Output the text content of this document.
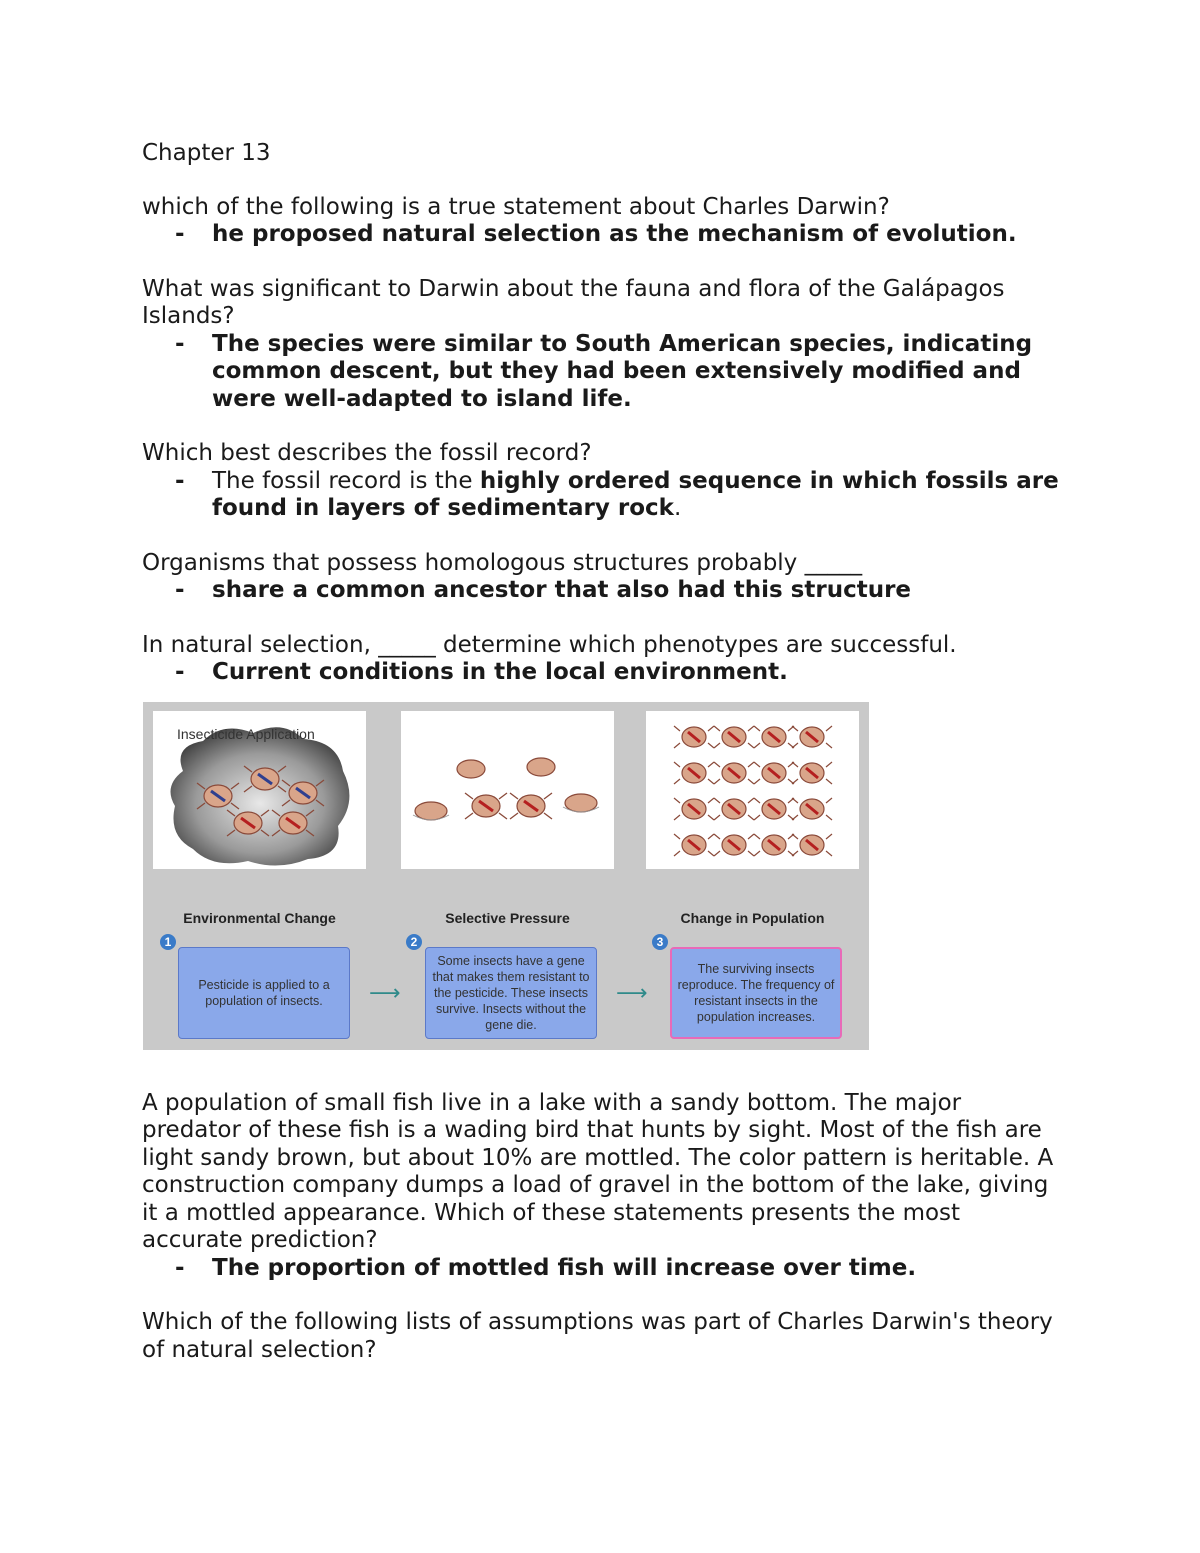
Chapter 13

which of the following is a true statement about Charles Darwin?

- he proposed natural selection as the mechanism of evolution.

What was significant to Darwin about the fauna and flora of the Galápagos Islands?

- The species were similar to South American species, indicating common descent, but they had been extensively modified and were well-adapted to island life.

Which best describes the fossil record?

- The fossil record is the highly ordered sequence in which fossils are found in layers of sedimentary rock.

Organisms that possess homologous structures probably _____

- share a common ancestor that also had this structure

In natural selection, _____ determine which phenotypes are successful.

- Current conditions in the local environment.

Insecticide Application
Environmental Change	Selective Pressure	Change in Population
1	2	3
Pesticide is applied to a population of insects.
Some insects have a gene that makes them resistant to the pesticide. These insects survive. Insects without the gene die.
The surviving insects reproduce. The frequency of resistant insects in the population increases.
⟶	⟶

A population of small fish live in a lake with a sandy bottom. The major predator of these fish is a wading bird that hunts by sight. Most of the fish are light sandy brown, but about 10% are mottled. The color pattern is heritable. A construction company dumps a load of gravel in the bottom of the lake, giving it a mottled appearance. Which of these statements presents the most accurate prediction?

- The proportion of mottled fish will increase over time.

Which of the following lists of assumptions was part of Charles Darwin's theory of natural selection?
